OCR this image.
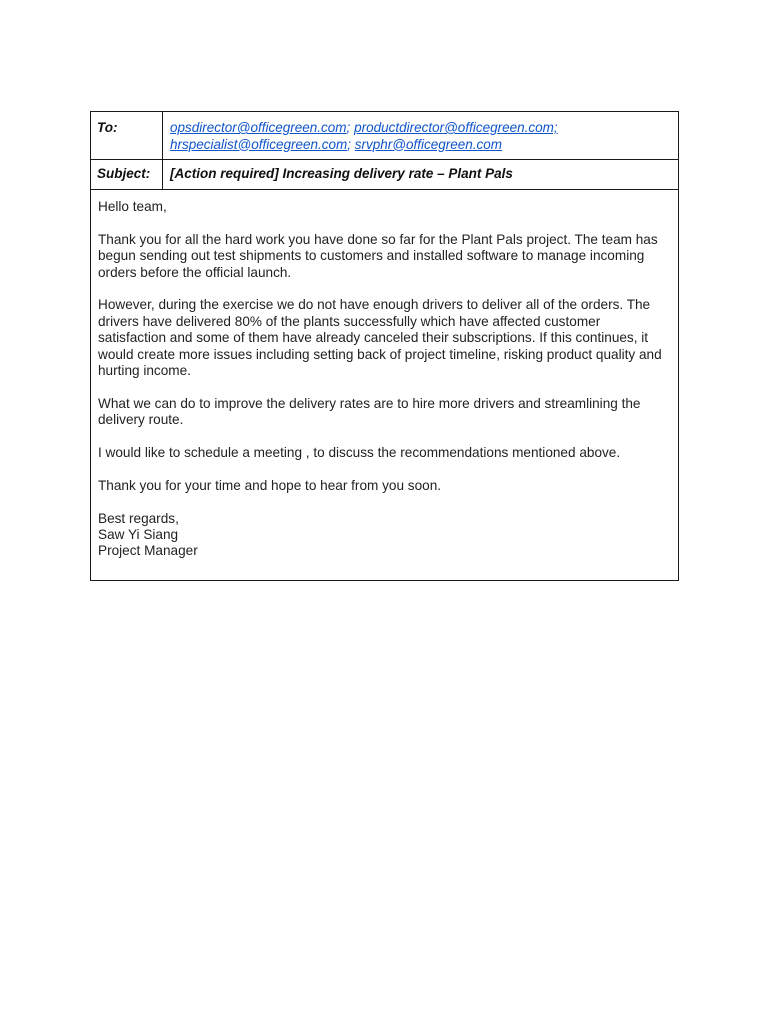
To:	opsdirector@officegreen.com; productdirector@officegreen.com;
hrspecialist@officegreen.com; srvphr@officegreen.com
Subject:	[Action required] Increasing delivery rate – Plant Pals

Hello team,

Thank you for all the hard work you have done so far for the Plant Pals project. The team has begun sending out test shipments to customers and installed software to manage incoming orders before the official launch.

However, during the exercise we do not have enough drivers to deliver all of the orders. The drivers have delivered 80% of the plants successfully which have affected customer satisfaction and some of them have already canceled their subscriptions. If this continues, it would create more issues including setting back of project timeline, risking product quality and hurting income.

What we can do to improve the delivery rates are to hire more drivers and streamlining the delivery route.

I would like to schedule a meeting , to discuss the recommendations mentioned above.

Thank you for your time and hope to hear from you soon.

Best regards,
Saw Yi Siang
Project Manager
